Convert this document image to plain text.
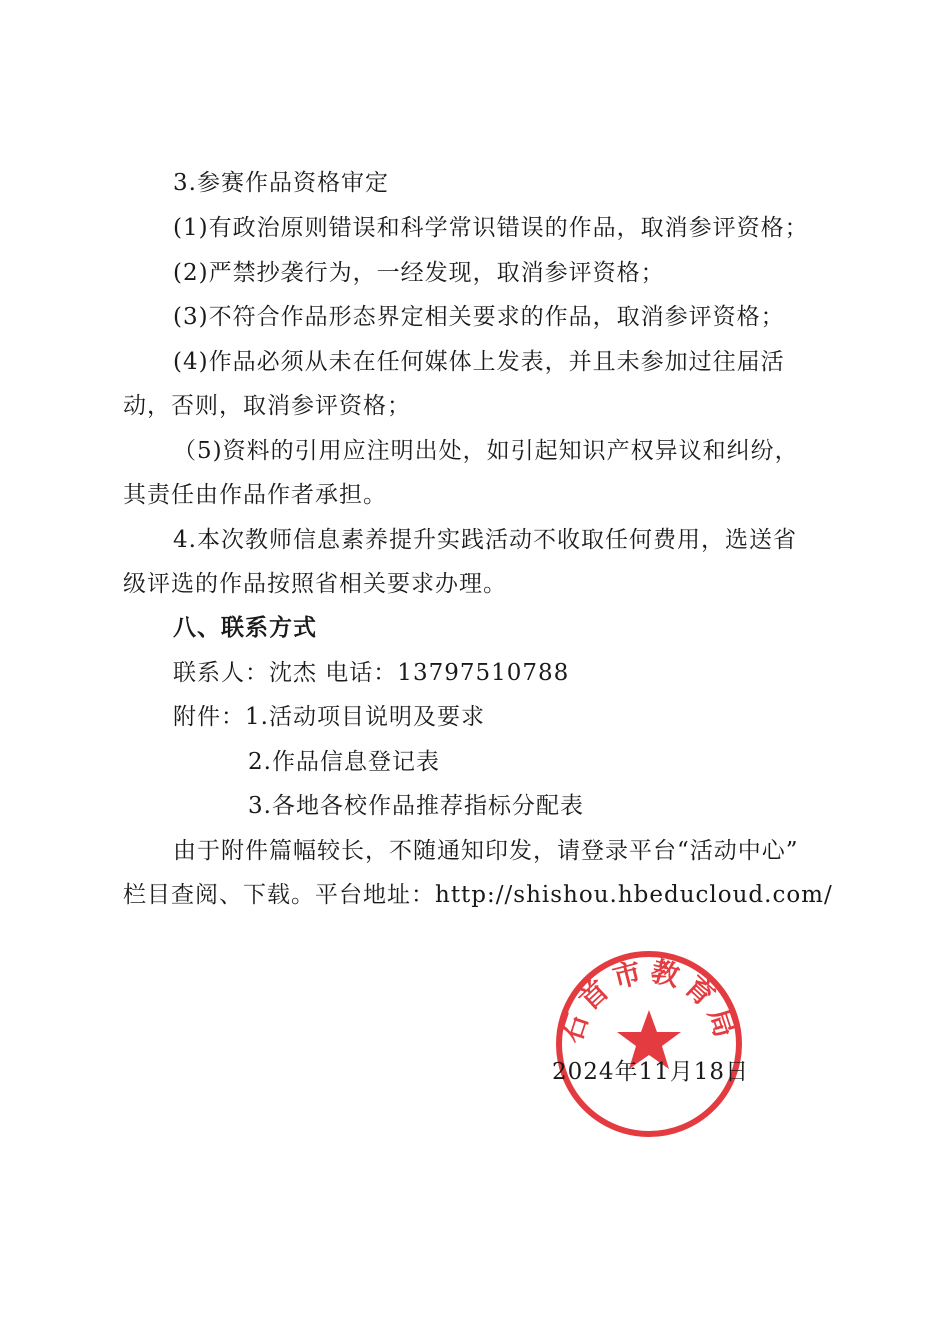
3.参赛作品资格审定
(1)有政治原则错误和科学常识错误的作品，取消参评资格；
(2)严禁抄袭行为，一经发现，取消参评资格；
(3)不符合作品形态界定相关要求的作品，取消参评资格；
(4)作品必须从未在任何媒体上发表，并且未参加过往届活
动，否则，取消参评资格；
（5)资料的引用应注明出处，如引起知识产权异议和纠纷，
其责任由作品作者承担。
4.本次教师信息素养提升实践活动不收取任何费用，选送省
级评选的作品按照省相关要求办理。
八、联系方式
联系人：沈杰 电话：13797510788
附件：1.活动项目说明及要求
2.作品信息登记表
3.各地各校作品推荐指标分配表
由于附件篇幅较长，不随通知印发，请登录平台“活动中心”
栏目查阅、下载。平台地址：http://shishou.hbeducloud.com/
石首市教育局
2024年11月18日
